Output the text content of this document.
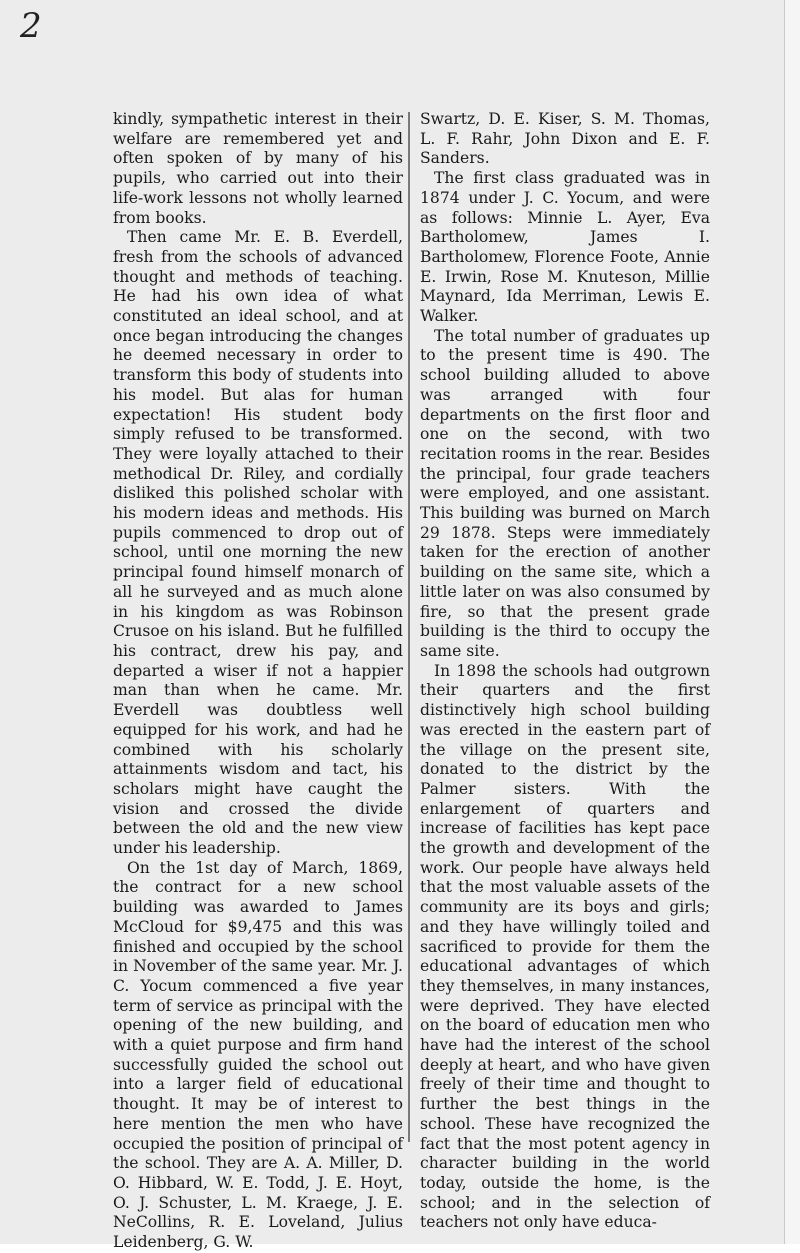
2

kindly, sympathetic interest in their welfare are remembered yet and often spoken of by many of his pupils, who carried out into their life-work lessons not wholly learned from books.

Then came Mr. E. B. Everdell, fresh from the schools of advanced thought and methods of teaching. He had his own idea of what constituted an ideal school, and at once began introducing the changes he deemed necessary in order to transform this body of students into his model. But alas for human expectation! His student body simply refused to be transformed. They were loyally attached to their methodical Dr. Riley, and cordially disliked this polished scholar with his modern ideas and methods. His pupils commenced to drop out of school, until one morning the new principal found himself monarch of all he surveyed and as much alone in his kingdom as was Robinson Crusoe on his island. But he fulfilled his contract, drew his pay, and departed a wiser if not a happier man than when he came. Mr. Everdell was doubtless well equipped for his work, and had he combined with his scholarly attainments wisdom and tact, his scholars might have caught the vision and crossed the divide between the old and the new view under his leadership.

On the 1st day of March, 1869, the contract for a new school building was awarded to James McCloud for $9,475 and this was finished and occupied by the school in November of the same year. Mr. J. C. Yocum commenced a five year term of service as principal with the opening of the new building, and with a quiet purpose and firm hand successfully guided the school out into a larger field of educational thought. It may be of interest to here mention the men who have occupied the position of principal of the school. They are A. A. Miller, D. O. Hibbard, W. E. Todd, J. E. Hoyt, O. J. Schuster, L. M. Kraege, J. E. NeCollins, R. E. Loveland, Julius Leidenberg, G. W.

Swartz, D. E. Kiser, S. M. Thomas, L. F. Rahr, John Dixon and E. F. Sanders.

The first class graduated was in 1874 under J. C. Yocum, and were as follows: Minnie L. Ayer, Eva Bartholomew, James I. Bartholomew, Florence Foote, Annie E. Irwin, Rose M. Knuteson, Millie Maynard, Ida Merriman, Lewis E. Walker.

The total number of graduates up to the present time is 490. The school building alluded to above was arranged with four departments on the first floor and one on the second, with two recitation rooms in the rear. Besides the principal, four grade teachers were employed, and one assistant. This building was burned on March 29 1878. Steps were immediately taken for the erection of another building on the same site, which a little later on was also consumed by fire, so that the present grade building is the third to occupy the same site.

In 1898 the schools had outgrown their quarters and the first distinctively high school building was erected in the eastern part of the village on the present site, donated to the district by the Palmer sisters. With the enlargement of quarters and increase of facilities has kept pace the growth and development of the work. Our people have always held that the most valuable assets of the community are its boys and girls; and they have willingly toiled and sacrificed to provide for them the educational advantages of which they themselves, in many instances, were deprived. They have elected on the board of education men who have had the interest of the school deeply at heart, and who have given freely of their time and thought to further the best things in the school. These have recognized the fact that the most potent agency in character building in the world today, outside the home, is the school; and in the selection of teachers not only have educa-
